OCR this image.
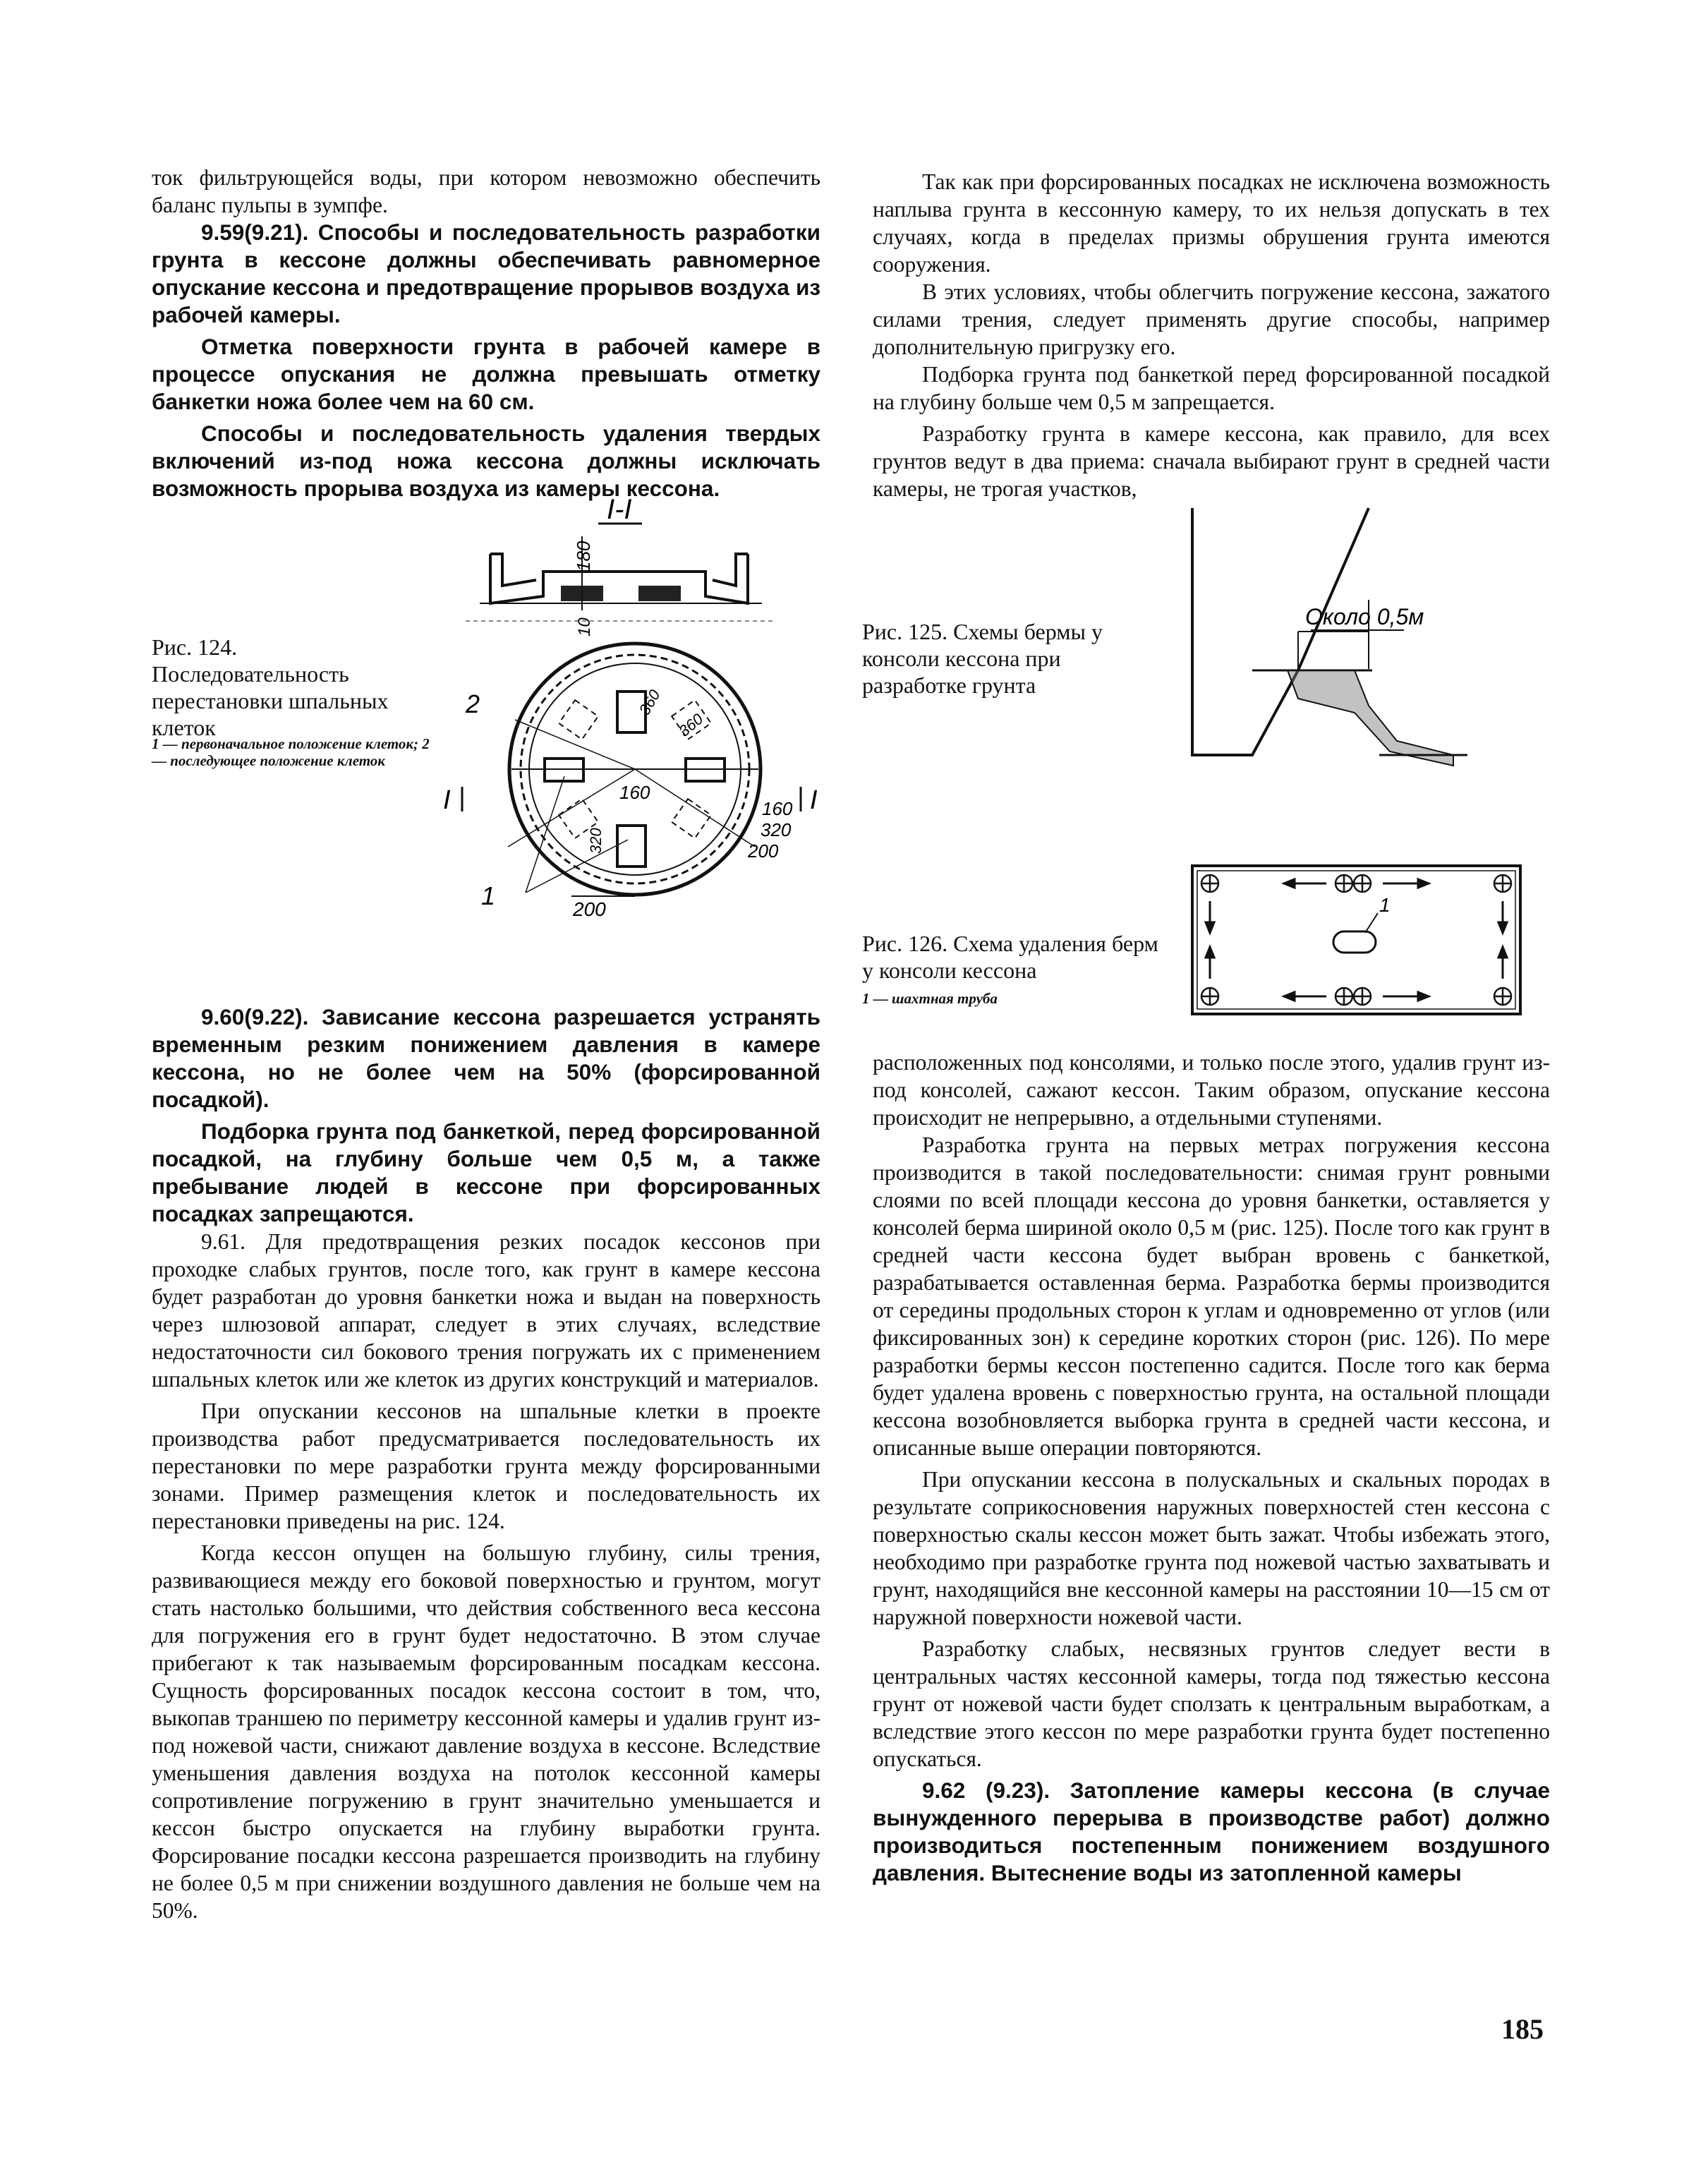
ток фильтрующейся воды, при котором невозможно обеспечить баланс пульпы в зумпфе.

9.59(9.21). Способы и последовательность разработки грунта в кессоне должны обеспечивать равномерное опускание кессона и предотвращение прорывов воздуха из рабочей камеры.

Отметка поверхности грунта в рабочей камере в процессе опускания не должна превышать отметку банкетки ножа более чем на 60 см.

Способы и последовательность удаления твердых включений из-под ножа кессона должны исключать возможность прорыва воздуха из камеры кессона.

Рис. 124. Последовательность перестановки шпальных клеток
1 — первоначальное положение клеток; 2 — последующее положение клеток
I-I
180
10
I	I
2
1
360
360
160
320
160
320
200
200

9.60(9.22). Зависание кессона разрешается устранять временным резким понижением давления в камере кессона, но не более чем на 50% (форсированной посадкой).

Подборка грунта под банкеткой, перед форсированной посадкой, на глубину больше чем 0,5 м, а также пребывание людей в кессоне при форсированных посадках запрещаются.

9.61. Для предотвращения резких посадок кессонов при проходке слабых грунтов, после того, как грунт в камере кессона будет разработан до уровня банкетки ножа и выдан на поверхность через шлюзовой аппарат, следует в этих случаях, вследствие недостаточности сил бокового трения погружать их с применением шпальных клеток или же клеток из других конструкций и материалов.

При опускании кессонов на шпальные клетки в проекте производства работ предусматривается последовательность их перестановки по мере разработки грунта между форсированными зонами. Пример размещения клеток и последовательность их перестановки приведены на рис. 124.

Когда кессон опущен на большую глубину, силы трения, развивающиеся между его боковой поверхностью и грунтом, могут стать настолько большими, что действия собственного веса кессона для погружения его в грунт будет недостаточно. В этом случае прибегают к так называемым форсированным посадкам кессона. Сущность форсированных посадок кессона состоит в том, что, выкопав траншею по периметру кессонной камеры и удалив грунт из-под ножевой части, снижают давление воздуха в кессоне. Вследствие уменьшения давления воздуха на потолок кессонной камеры сопротивление погружению в грунт значительно уменьшается и кессон быстро опускается на глубину выработки грунта. Форсирование посадки кессона разрешается производить на глубину не более 0,5 м при снижении воздушного давления не больше чем на 50%.

Так как при форсированных посадках не исключена возможность наплыва грунта в кессонную камеру, то их нельзя допускать в тех случаях, когда в пределах призмы обрушения грунта имеются сооружения.

В этих условиях, чтобы облегчить погружение кессона, зажатого силами трения, следует применять другие способы, например дополнительную пригрузку его.

Подборка грунта под банкеткой перед форсированной посадкой на глубину больше чем 0,5 м запрещается.

Разработку грунта в камере кессона, как правило, для всех грунтов ведут в два приема: сначала выбирают грунт в средней части камеры, не трогая участков,

Рис. 125. Схемы бермы у консоли кессона при разработке грунта
Около 0,5м
Рис. 126. Схема удаления берм у консоли кессона
1 — шахтная труба
1

расположенных под консолями, и только после этого, удалив грунт из-под консолей, сажают кессон. Таким образом, опускание кессона происходит не непрерывно, а отдельными ступенями.

Разработка грунта на первых метрах погружения кессона производится в такой последовательности: снимая грунт ровными слоями по всей площади кессона до уровня банкетки, оставляется у консолей берма шириной около 0,5 м (рис. 125). После того как грунт в средней части кессона будет выбран вровень с банкеткой, разрабатывается оставленная берма. Разработка бермы производится от середины продольных сторон к углам и одновременно от углов (или фиксированных зон) к середине коротких сторон (рис. 126). По мере разработки бермы кессон постепенно садится. После того как берма будет удалена вровень с поверхностью грунта, на остальной площади кессона возобновляется выборка грунта в средней части кессона, и описанные выше операции повторяются.

При опускании кессона в полускальных и скальных породах в результате соприкосновения наружных поверхностей стен кессона с поверхностью скалы кессон может быть зажат. Чтобы избежать этого, необходимо при разработке грунта под ножевой частью захватывать и грунт, находящийся вне кессонной камеры на расстоянии 10—15 см от наружной поверхности ножевой части.

Разработку слабых, несвязных грунтов следует вести в центральных частях кессонной камеры, тогда под тяжестью кессона грунт от ножевой части будет сползать к центральным выработкам, а вследствие этого кессон по мере разработки грунта будет постепенно опускаться.

9.62 (9.23). Затопление камеры кессона (в случае вынужденного перерыва в производстве работ) должно производиться постепенным понижением воздушного давления. Вытеснение воды из затопленной камеры

185
